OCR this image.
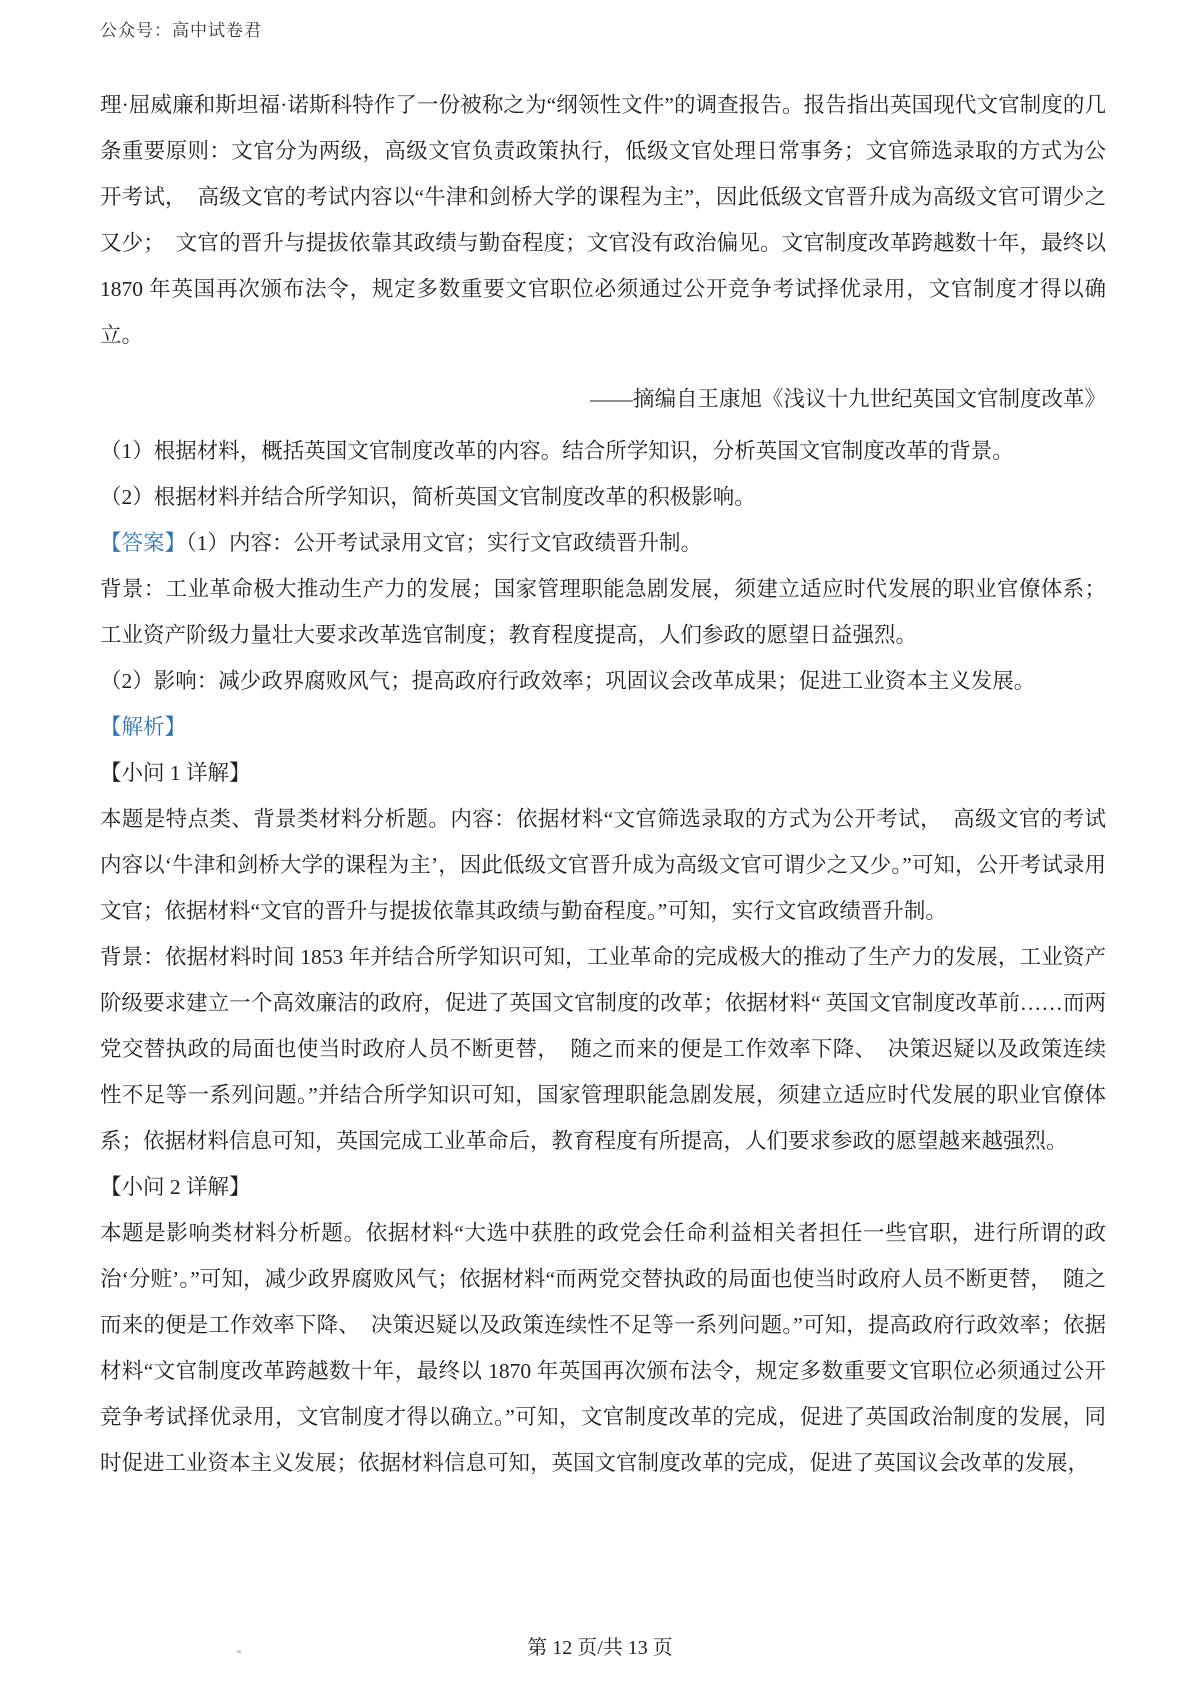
公众号：高中试卷君

理·屈威廉和斯坦福·诺斯科特作了一份被称之为“纲领性文件”的调查报告。报告指出英国现代文官制度的几条重要原则：文官分为两级，高级文官负责政策执行，低级文官处理日常事务；文官筛选录取的方式为公开考试，　高级文官的考试内容以“牛津和剑桥大学的课程为主”，因此低级文官晋升成为高级文官可谓少之又少；　文官的晋升与提拔依靠其政绩与勤奋程度；文官没有政治偏见。文官制度改革跨越数十年，最终以 1870 年英国再次颁布法令，规定多数重要文官职位必须通过公开竞争考试择优录用，文官制度才得以确立。

——摘编自王康旭《浅议十九世纪英国文官制度改革》

（1）根据材料，概括英国文官制度改革的内容。结合所学知识，分析英国文官制度改革的背景。

（2）根据材料并结合所学知识，简析英国文官制度改革的积极影响。

【答案】（1）内容：公开考试录用文官；实行文官政绩晋升制。

背景：工业革命极大推动生产力的发展；国家管理职能急剧发展，须建立适应时代发展的职业官僚体系；工业资产阶级力量壮大要求改革选官制度；教育程度提高，人们参政的愿望日益强烈。

（2）影响：减少政界腐败风气；提高政府行政效率；巩固议会改革成果；促进工业资本主义发展。

【解析】

【小问 1 详解】

本题是特点类、背景类材料分析题。内容：依据材料“文官筛选录取的方式为公开考试，　高级文官的考试内容以‘牛津和剑桥大学的课程为主’，因此低级文官晋升成为高级文官可谓少之又少。”可知，公开考试录用文官；依据材料“文官的晋升与提拔依靠其政绩与勤奋程度。”可知，实行文官政绩晋升制。

背景：依据材料时间 1853 年并结合所学知识可知，工业革命的完成极大的推动了生产力的发展，工业资产阶级要求建立一个高效廉洁的政府，促进了英国文官制度的改革；依据材料“ 英国文官制度改革前……而两党交替执政的局面也使当时政府人员不断更替，　随之而来的便是工作效率下降、　决策迟疑以及政策连续性不足等一系列问题。”并结合所学知识可知，国家管理职能急剧发展，须建立适应时代发展的职业官僚体系；依据材料信息可知，英国完成工业革命后，教育程度有所提高，人们要求参政的愿望越来越强烈。

【小问 2 详解】

本题是影响类材料分析题。依据材料“大选中获胜的政党会任命利益相关者担任一些官职，进行所谓的政治‘分赃’。”可知，减少政界腐败风气；依据材料“而两党交替执政的局面也使当时政府人员不断更替，　随之而来的便是工作效率下降、　决策迟疑以及政策连续性不足等一系列问题。”可知，提高政府行政效率；依据材料“文官制度改革跨越数十年，最终以 1870 年英国再次颁布法令，规定多数重要文官职位必须通过公开竞争考试择优录用，文官制度才得以确立。”可知，文官制度改革的完成，促进了英国政治制度的发展，同时促进工业资本主义发展；依据材料信息可知，英国文官制度改革的完成，促进了英国议会改革的发展，

第 12 页/共 13 页
